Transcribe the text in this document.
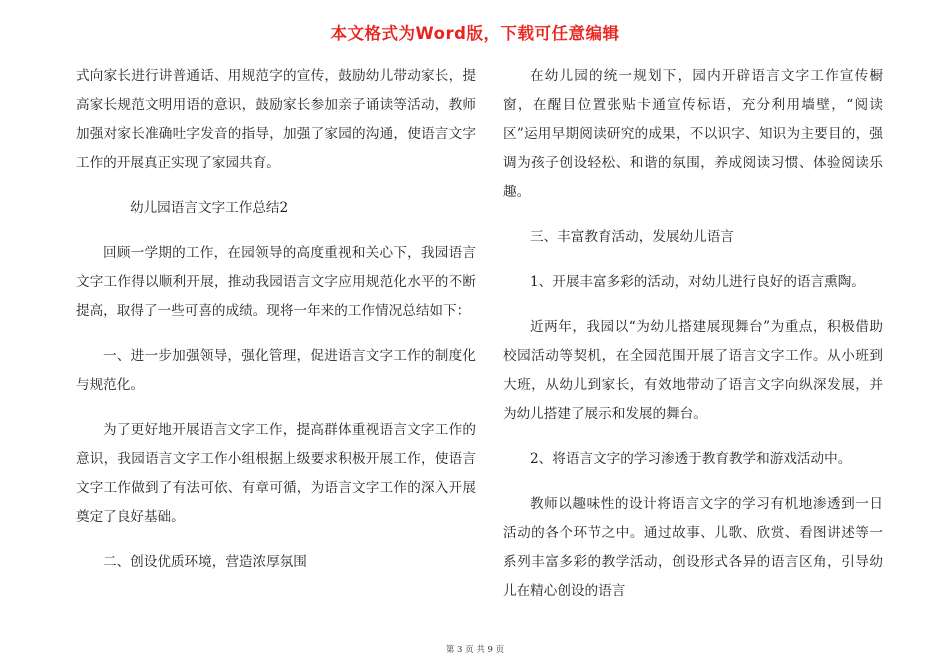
本文格式为Word版，下载可任意编辑

式向家长进行讲普通话、用规范字的宣传，鼓励幼儿带动家长，提高家长规范文明用语的意识，鼓励家长参加亲子诵读等活动，教师加强对家长准确吐字发音的指导，加强了家园的沟通，使语言文字工作的开展真正实现了家园共育。

幼儿园语言文字工作总结2

回顾一学期的工作，在园领导的高度重视和关心下，我园语言文字工作得以顺利开展，推动我园语言文字应用规范化水平的不断提高，取得了一些可喜的成绩。现将一年来的工作情况总结如下：

一、进一步加强领导，强化管理，促进语言文字工作的制度化与规范化。

为了更好地开展语言文字工作，提高群体重视语言文字工作的意识，我园语言文字工作小组根据上级要求积极开展工作，使语言文字工作做到了有法可依、有章可循，为语言文字工作的深入开展奠定了良好基础。

二、创设优质环境，营造浓厚氛围

在幼儿园的统一规划下，园内开辟语言文字工作宣传橱窗，在醒目位置张贴卡通宣传标语，充分利用墙壁，“阅读区”运用早期阅读研究的成果，不以识字、知识为主要目的，强调为孩子创设轻松、和谐的氛围，养成阅读习惯、体验阅读乐趣。

三、丰富教育活动，发展幼儿语言

1、开展丰富多彩的活动，对幼儿进行良好的语言熏陶。

近两年，我园以“为幼儿搭建展现舞台”为重点，积极借助校园活动等契机，在全园范围开展了语言文字工作。从小班到大班，从幼儿到家长，有效地带动了语言文字向纵深发展，并为幼儿搭建了展示和发展的舞台。

2、将语言文字的学习渗透于教育教学和游戏活动中。

教师以趣味性的设计将语言文字的学习有机地渗透到一日活动的各个环节之中。通过故事、儿歌、欣赏、看图讲述等一系列丰富多彩的教学活动，创设形式各异的语言区角，引导幼儿在精心创设的语言

第 3 页 共 9 页
